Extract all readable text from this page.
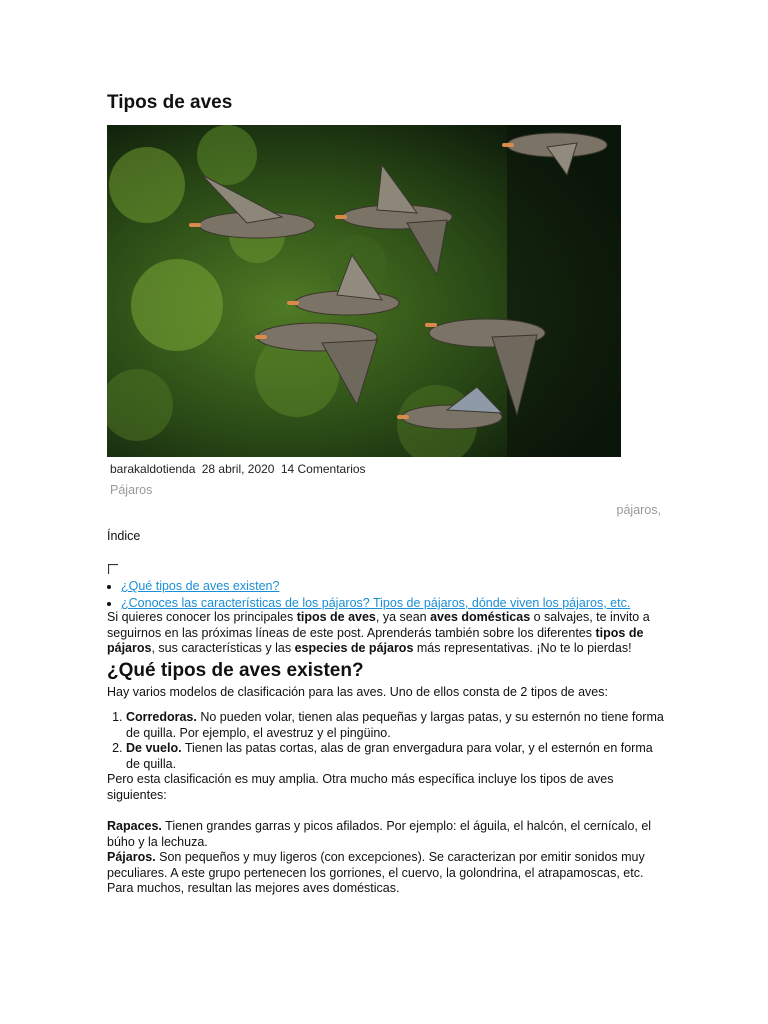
Tipos de aves
barakaldotienda 28 abril, 2020 14 Comentarios
Pájaros
pájaros,
Índice
• ¿Qué tipos de aves existen?
• ¿Conoces las características de los pájaros? Tipos de pájaros, dónde viven los pájaros, etc.

Si quieres conocer los principales tipos de aves, ya sean aves domésticas o salvajes, te invito a seguirnos en las próximas líneas de este post. Aprenderás también sobre los diferentes tipos de pájaros, sus características y las especies de pájaros más representativas. ¡No te lo pierdas!

¿Qué tipos de aves existen?

Hay varios modelos de clasificación para las aves. Uno de ellos consta de 2 tipos de aves:

1. Corredoras. No pueden volar, tienen alas pequeñas y largas patas, y su esternón no tiene forma de quilla. Por ejemplo, el avestruz y el pingüino.
2. De vuelo. Tienen las patas cortas, alas de gran envergadura para volar, y el esternón en forma de quilla.

Pero esta clasificación es muy amplia. Otra mucho más específica incluye los tipos de aves siguientes:

Rapaces. Tienen grandes garras y picos afilados. Por ejemplo: el águila, el halcón, el cernícalo, el búho y la lechuza.

Pájaros. Son pequeños y muy ligeros (con excepciones). Se caracterizan por emitir sonidos muy peculiares. A este grupo pertenecen los gorriones, el cuervo, la golondrina, el atrapamoscas, etc. Para muchos, resultan las mejores aves domésticas.
